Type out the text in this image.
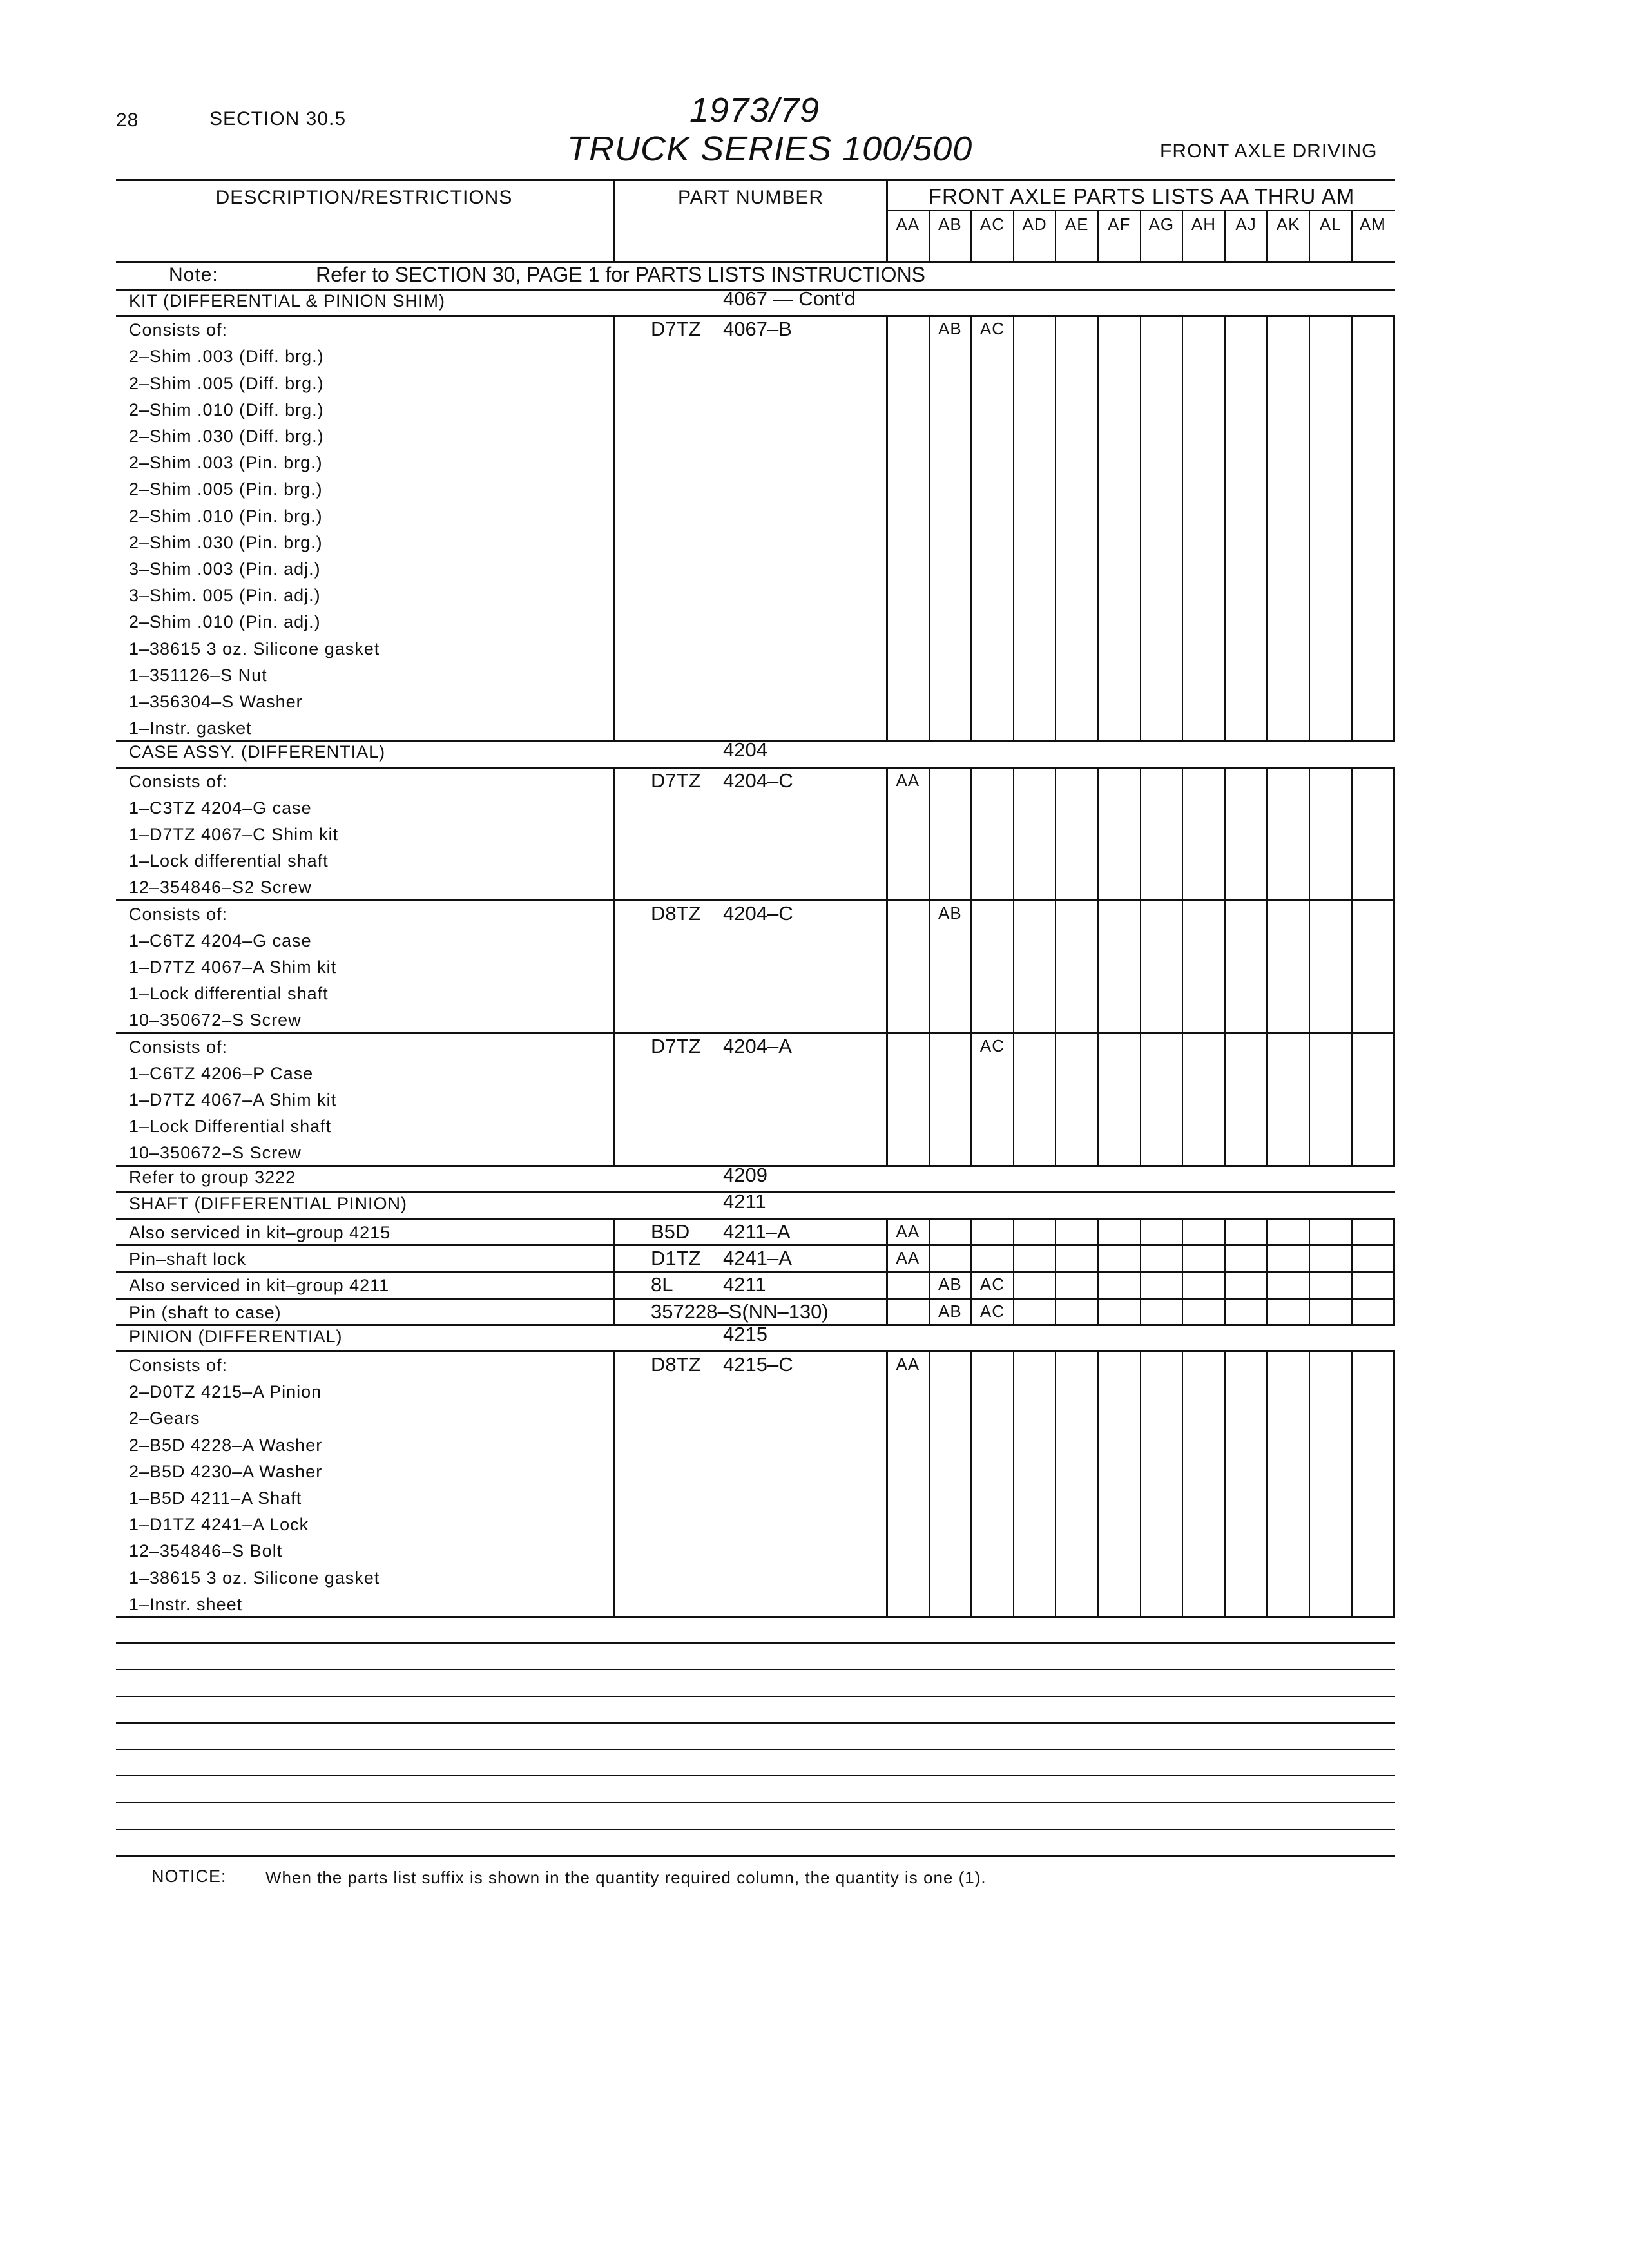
28	SECTION 30.5	1973/79
TRUCK SERIES 100/500	FRONT AXLE DRIVING
DESCRIPTION/RESTRICTIONS	PART NUMBER	FRONT AXLE PARTS LISTS AA THRU AM
AA	AB	AC	AD	AE	AF	AG	AH	AJ	AK	AL	AM
Note:	Refer to SECTION 30, PAGE 1 for PARTS LISTS INSTRUCTIONS
KIT (DIFFERENTIAL & PINION SHIM)	4067 — Cont'd
Consists of:
2–Shim .003 (Diff. brg.)
2–Shim .005 (Diff. brg.)
2–Shim .010 (Diff. brg.)
2–Shim .030 (Diff. brg.)
2–Shim .003 (Pin. brg.)
2–Shim .005 (Pin. brg.)
2–Shim .010 (Pin. brg.)
2–Shim .030 (Pin. brg.)
3–Shim .003 (Pin. adj.)
3–Shim. 005 (Pin. adj.)
2–Shim .010 (Pin. adj.)
1–38615 3 oz. Silicone gasket
1–351126–S Nut
1–356304–S Washer
1–Instr. gasket
D7TZ 4067–B	AB	AC
CASE ASSY. (DIFFERENTIAL)	4204
Consists of:
1–C3TZ 4204–G case
1–D7TZ 4067–C Shim kit
1–Lock differential shaft
12–354846–S2 Screw
D7TZ 4204–C	AA
Consists of:
1–C6TZ 4204–G case
1–D7TZ 4067–A Shim kit
1–Lock differential shaft
10–350672–S Screw
D8TZ 4204–C	AB
Consists of:
1–C6TZ 4206–P Case
1–D7TZ 4067–A Shim kit
1–Lock Differential shaft
10–350672–S Screw
D7TZ 4204–A	AC
Refer to group 3222	4209
SHAFT (DIFFERENTIAL PINION)	4211
Also serviced in kit–group 4215	B5D 4211–A	AA
Pin–shaft lock	D1TZ 4241–A	AA
Also serviced in kit–group 4211	8L	4211	AB	AC
Pin (shaft to case)	357228–S(NN–130)	AB	AC
PINION (DIFFERENTIAL)	4215
Consists of:
2–D0TZ 4215–A Pinion
2–Gears
2–B5D 4228–A Washer
2–B5D 4230–A Washer
1–B5D 4211–A Shaft
1–D1TZ 4241–A Lock
12–354846–S Bolt
1–38615 3 oz. Silicone gasket
1–Instr. sheet
D8TZ 4215–C	AA
NOTICE: When the parts list suffix is shown in the quantity required column, the quantity is one (1).
